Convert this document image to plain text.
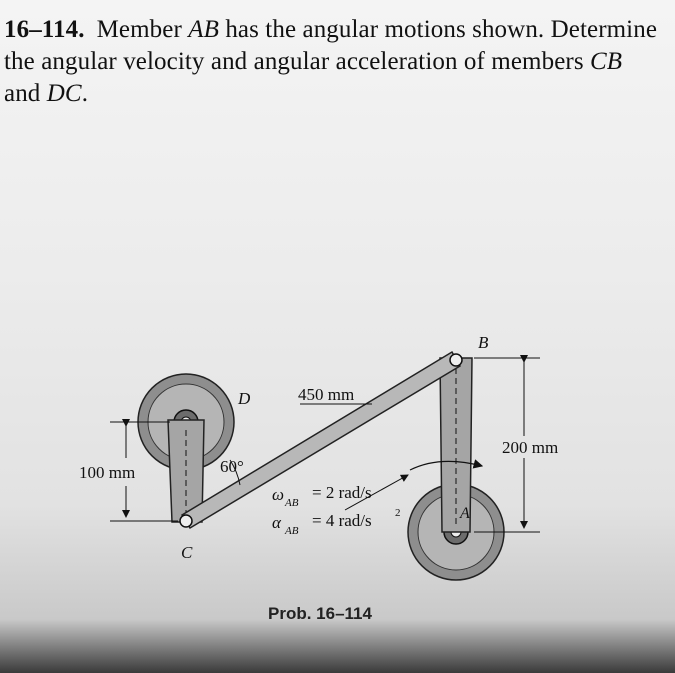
16–114. Member AB has the angular motions shown. Determine the angular velocity and angular acceleration of members CB and DC.
B
D
C
A
450 mm
200 mm
100 mm	60°
ω AB
= 2 rad/s
α AB
= 4 rad/s 2
Prob. 16–114
